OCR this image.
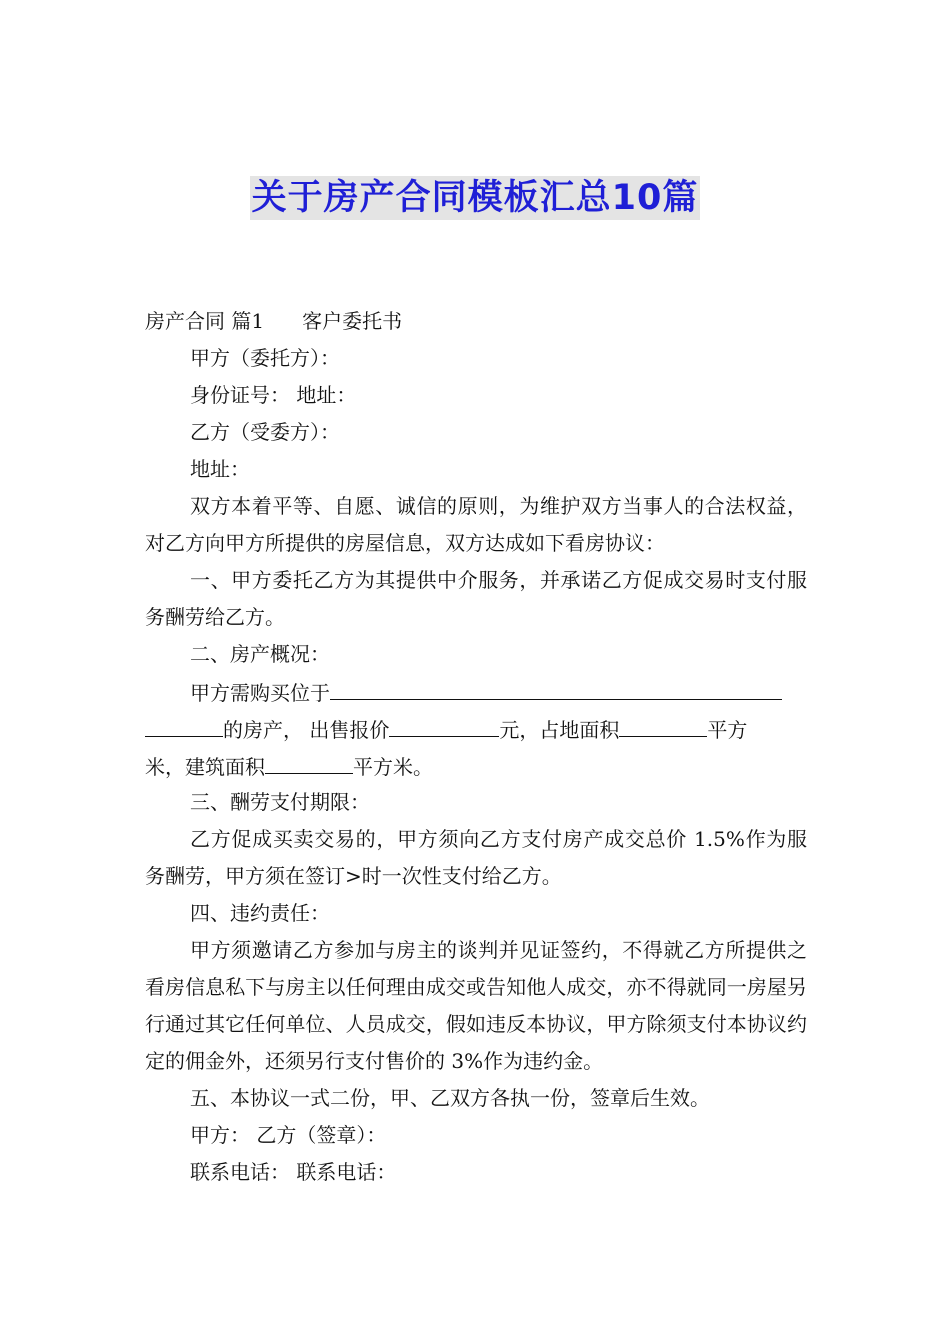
关于房产合同模板汇总10篇
房产合同 篇1 客户委托书
甲方（委托方）：
身份证号： 地址：
乙方（受委方）：
地址：
双方本着平等、自愿、诚信的原则，为维护双方当事人的合法权益，对乙方向甲方所提供的房屋信息，双方达成如下看房协议：
一、甲方委托乙方为其提供中介服务，并承诺乙方促成交易时支付服务酬劳给乙方。
二、房产概况：
甲方需购买位于
的房产， 出售报价	元，占地面积	平方
米，建筑面积	平方米。
三、酬劳支付期限：
乙方促成买卖交易的，甲方须向乙方支付房产成交总价 1.5%作为服务酬劳，甲方须在签订>时一次性支付给乙方。
四、违约责任：
甲方须邀请乙方参加与房主的谈判并见证签约，不得就乙方所提供之看房信息私下与房主以任何理由成交或告知他人成交，亦不得就同一房屋另行通过其它任何单位、人员成交，假如违反本协议，甲方除须支付本协议约定的佣金外，还须另行支付售价的 3%作为违约金。
五、本协议一式二份，甲、乙双方各执一份，签章后生效。
甲方： 乙方（签章）：
联系电话： 联系电话：
